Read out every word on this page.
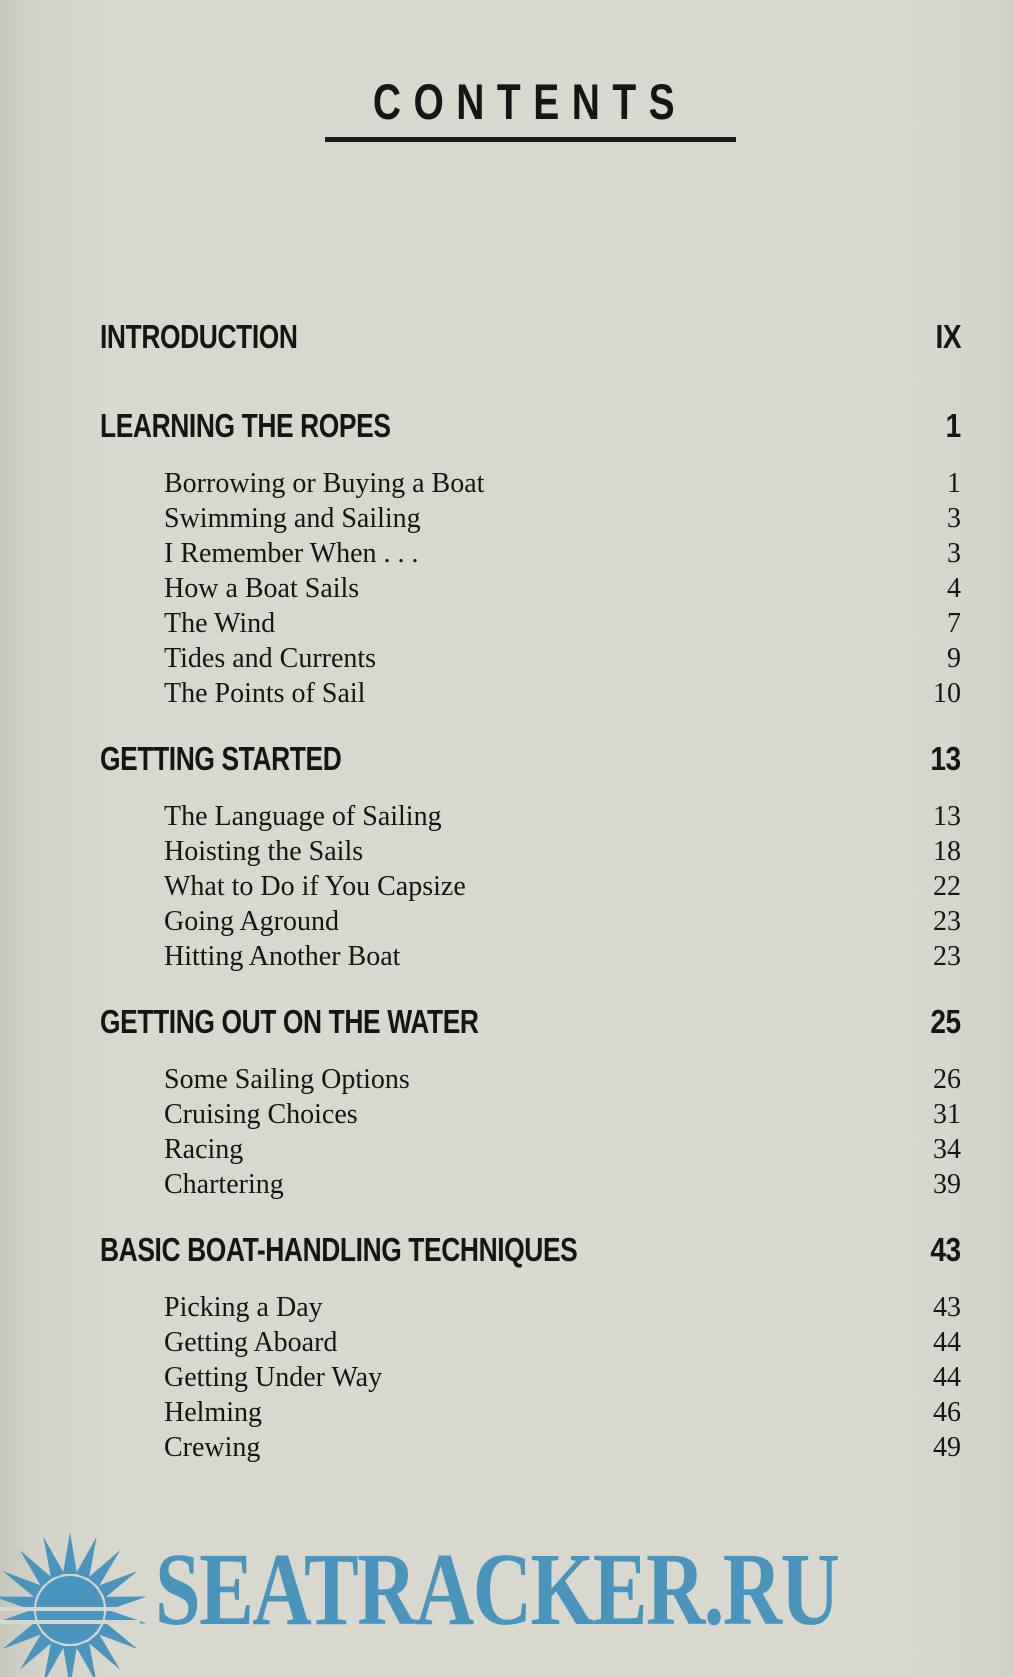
CONTENTS
INTRODUCTION	IX
LEARNING THE ROPES	1
Borrowing or Buying a Boat	1
Swimming and Sailing	3
I Remember When . . .	3
How a Boat Sails	4
The Wind	7
Tides and Currents	9
The Points of Sail	10
GETTING STARTED	13
The Language of Sailing	13
Hoisting the Sails	18
What to Do if You Capsize	22
Going Aground	23
Hitting Another Boat	23
GETTING OUT ON THE WATER	25
Some Sailing Options	26
Cruising Choices	31
Racing	34
Chartering	39
BASIC BOAT-HANDLING TECHNIQUES	43
Picking a Day	43
Getting Aboard	44
Getting Under Way	44
Helming	46
Crewing	49
SEATRACKER.RU
